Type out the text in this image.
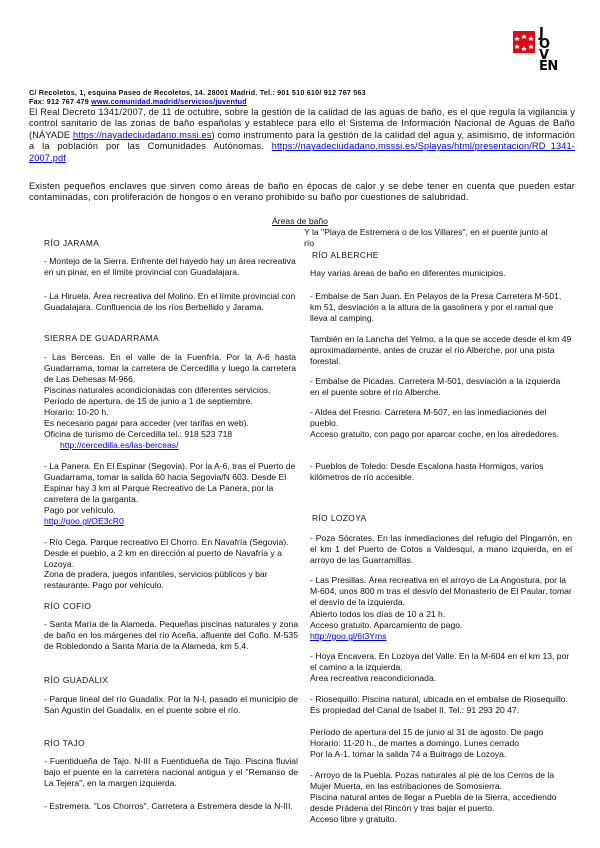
J
O
V
EN
C/ Recoletos, 1, esquina Paseo de Recoletos, 14. 28001 Madrid. Tel.: 901 510 610/ 912 767 563
Fax: 912 767 479 www.comunidad.madrid/servicios/juventud
El Real Decreto 1341/2007, de 11 de octubre, sobre la gestión de la calidad de las aguas de baño, es el que regula la vigilancia y control sanitario de las zonas de baño españolas y establece para ello el Sistema de Información Nacional de Aguas de Baño (NÁYADE https://nayadeciudadano.mssi.es) como instrumento para la gestión de la calidad del agua y, asimismo, de información a la población por las Comunidades Autónomas. https://nayadeciudadano.msssi.es/Splayas/html/presentacion/RD_1341-2007.pdf
Existen pequeños enclaves que sirven como áreas de baño en épocas de calor y se debe tener en cuenta que pueden estar contaminadas, con proliferación de hongos o en verano prohibido su baño por cuestiones de salubridad.
Áreas de baño
RÍO JARAMA
- Montejo de la Sierra. Enfrente del hayedo hay un área recreativa en un pinar, en el límite provincial con Guadalajara.
- La Hiruela. Área recreativa del Molino. En el límite provincial con Guadalajara. Confluencia de los ríos Berbellido y Jarama.
SIERRA DE GUADARRAMA
- Las Berceas. En el valle de la Fuenfría. Por la A-6 hasta Guadarrama, tomar la carretera de Cercedilla y luego la carretera de Las Dehesas M-966.
Piscinas naturales acondicionadas con diferentes servicios.
Período de apertura, de 15 de junio a 1 de septiembre.
Horario: 10-20 h.
Es necesario pagar para acceder (ver tarifas en web). Oficina de turismo de Cercedilla tel.: 918 523 718
http://cercedilla.es/las-berceas/
- La Panera. En El Espinar (Segovia). Por la A-6, tras el Puerto de Guadarrama, tomar la salida 60 hacia Segovia/N 603. Desde El Espinar hay 3 km al Parque Recreativo de La Panera, por la carretera de la garganta.
Pago por vehículo.
http://goo.gl/OE3cR0
- Río Cega. Parque recreativo El Chorro. En Navafría (Segovia). Desde el pueblo, a 2 km en dirección al puerto de Navafría y a Lozoya.
Zona de pradera, juegos infantiles, servicios públicos y bar restaurante. Pago por vehículo.
RÍO COFIO
- Santa María de la Alameda. Pequeñas piscinas naturales y zona de baño en los márgenes del río Aceña, afluente del Cofio. M-535 de Robledondo a Santa María de la Alameda, km 5,4.
RÍO GUADALIX
- Parque lineal del río Guadalix. Por la N-I, pasado el municipio de San Agustín del Guadalix, en el puente sobre el río.
RÍO TAJO
- Fuentidueña de Tajo. N-III a Fuentidueña de Tajo. Piscina fluvial bajo el puente en la carretera nacional antigua y el "Remanso de La Tejera", en la margen izquierda.
- Estremera. "Los Chorros". Carretera a Estremera desde la N-III.
Y la "Playa de Estremera o de los Villares", en el puente junto al río
RÍO ALBERCHE
Hay varias áreas de baño en diferentes municipios.
- Embalse de San Juan. En Pelayos de la Presa Carretera M-501, km 51, desviación a la altura de la gasolinera y por el ramal que lleva al camping.
También en la Lancha del Yelmo, a la que se accede desde el km 49 aproximadamente, antes de cruzar el río Alberche, por una pista forestal.
- Embalse de Picadas. Carretera M-501, desviación a la izquierda en el puente sobre el río Alberche.
- Aldea del Fresno. Carretera M-507, en las inmediaciones del pueblo.
Acceso gratuito, con pago por aparcar coche, en los alrededores.
- Pueblos de Toledo: Desde Escalona hasta Hormigos, varios kilómetros de río accesible.
RÍO LOZOYA
- Poza Sócrates. En las inmediaciones del refugio del Pingarrón, en el km 1 del Puerto de Cotos a Valdesquí, a mano izquierda, en el arroyo de las Guarramillas.
- Las Presillas. Área recreativa en el arroyo de La Angostura, por la M-604, unos 800 m tras el desvío del Monasterio de El Paular, tomar el desvío de la izquierda.
Abierto todos los días de 10 a 21 h.
Acceso gratuito. Aparcamiento de pago.
http://goo.gl/6t3Yms
- Hoya Encavera. En Lozoya del Valle. En la M-604 en el km 13, por el camino a la izquierda.
Área recreativa reacondicionada.
- Riosequillo. Piscina natural, ubicada en el embalse de Riosequillo. Es propiedad del Canal de Isabel II. Tel.: 91 293 20 47.
Período de apertura del 15 de junio al 31 de agosto. De pago Horario: 11-20 h., de martes a domingo. Lunes cerrado
Por la A-1, tomar la salida 74 a Buitrago de Lozoya.
- Arroyo de la Puebla. Pozas naturales al pie de los Cerros de la Mujer Muerta, en las estribaciones de Somosierra.
Piscina natural antes de llegar a Puebla de la Sierra, accediendo desde Prádena del Rincón y tras bajar el puerto.
Acceso libre y gratuito.
